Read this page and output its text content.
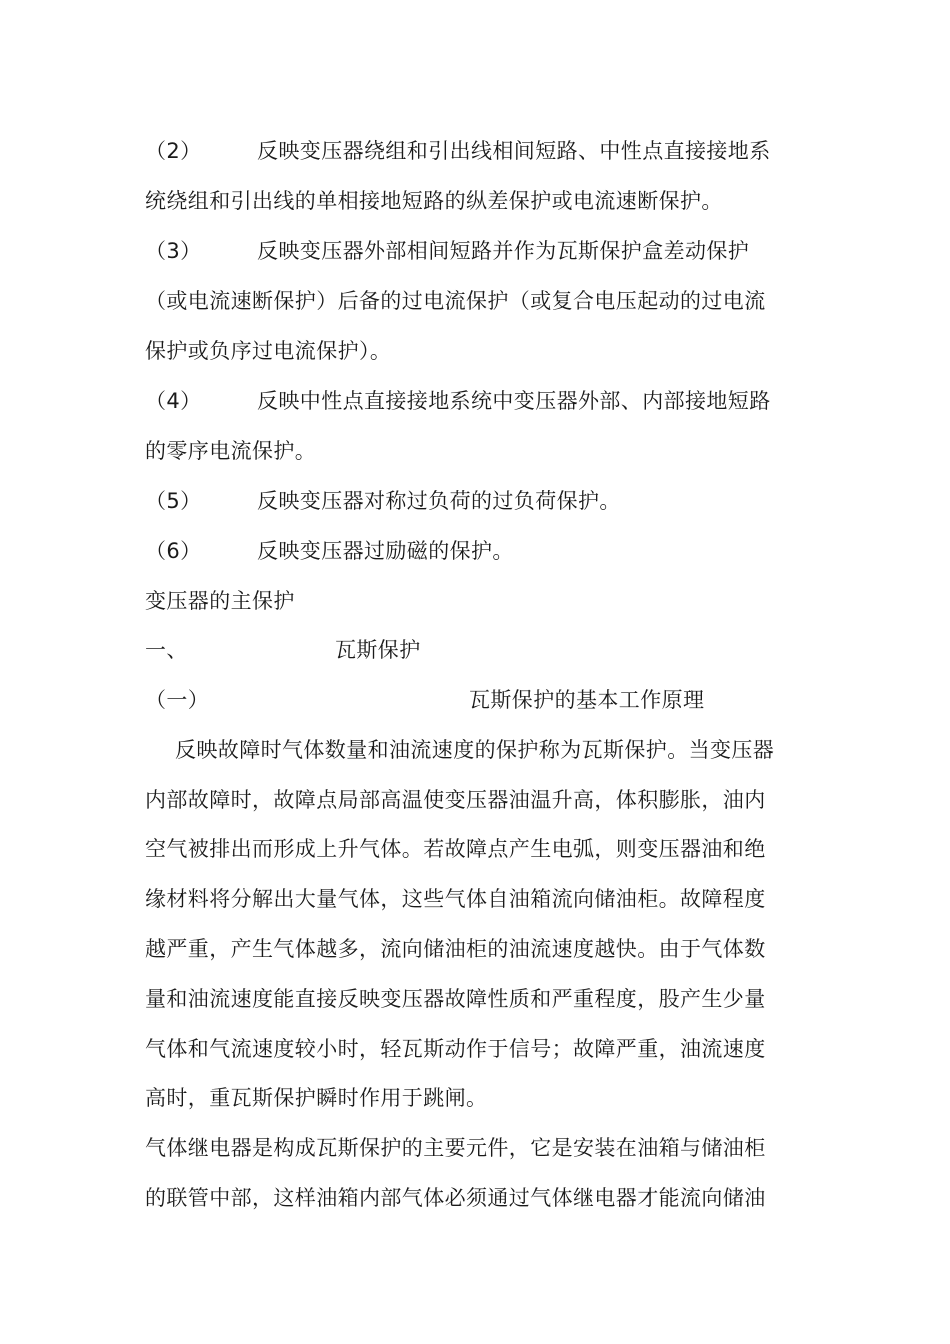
（2）	反映变压器绕组和引出线相间短路、中性点直接接地系
统绕组和引出线的单相接地短路的纵差保护或电流速断保护。
（3）	反映变压器外部相间短路并作为瓦斯保护盒差动保护
（或电流速断保护）后备的过电流保护（或复合电压起动的过电流
保护或负序过电流保护）。
（4）	反映中性点直接接地系统中变压器外部、内部接地短路
的零序电流保护。
（5）	反映变压器对称过负荷的过负荷保护。
（6）	反映变压器过励磁的保护。
变压器的主保护
一、	瓦斯保护
（一）	瓦斯保护的基本工作原理
反映故障时气体数量和油流速度的保护称为瓦斯保护。当变压器
内部故障时，故障点局部高温使变压器油温升高，体积膨胀，油内
空气被排出而形成上升气体。若故障点产生电弧，则变压器油和绝
缘材料将分解出大量气体，这些气体自油箱流向储油柜。故障程度
越严重，产生气体越多，流向储油柜的油流速度越快。由于气体数
量和油流速度能直接反映变压器故障性质和严重程度，股产生少量
气体和气流速度较小时，轻瓦斯动作于信号；故障严重，油流速度
高时，重瓦斯保护瞬时作用于跳闸。
气体继电器是构成瓦斯保护的主要元件，它是安装在油箱与储油柜
的联管中部，这样油箱内部气体必须通过气体继电器才能流向储油
